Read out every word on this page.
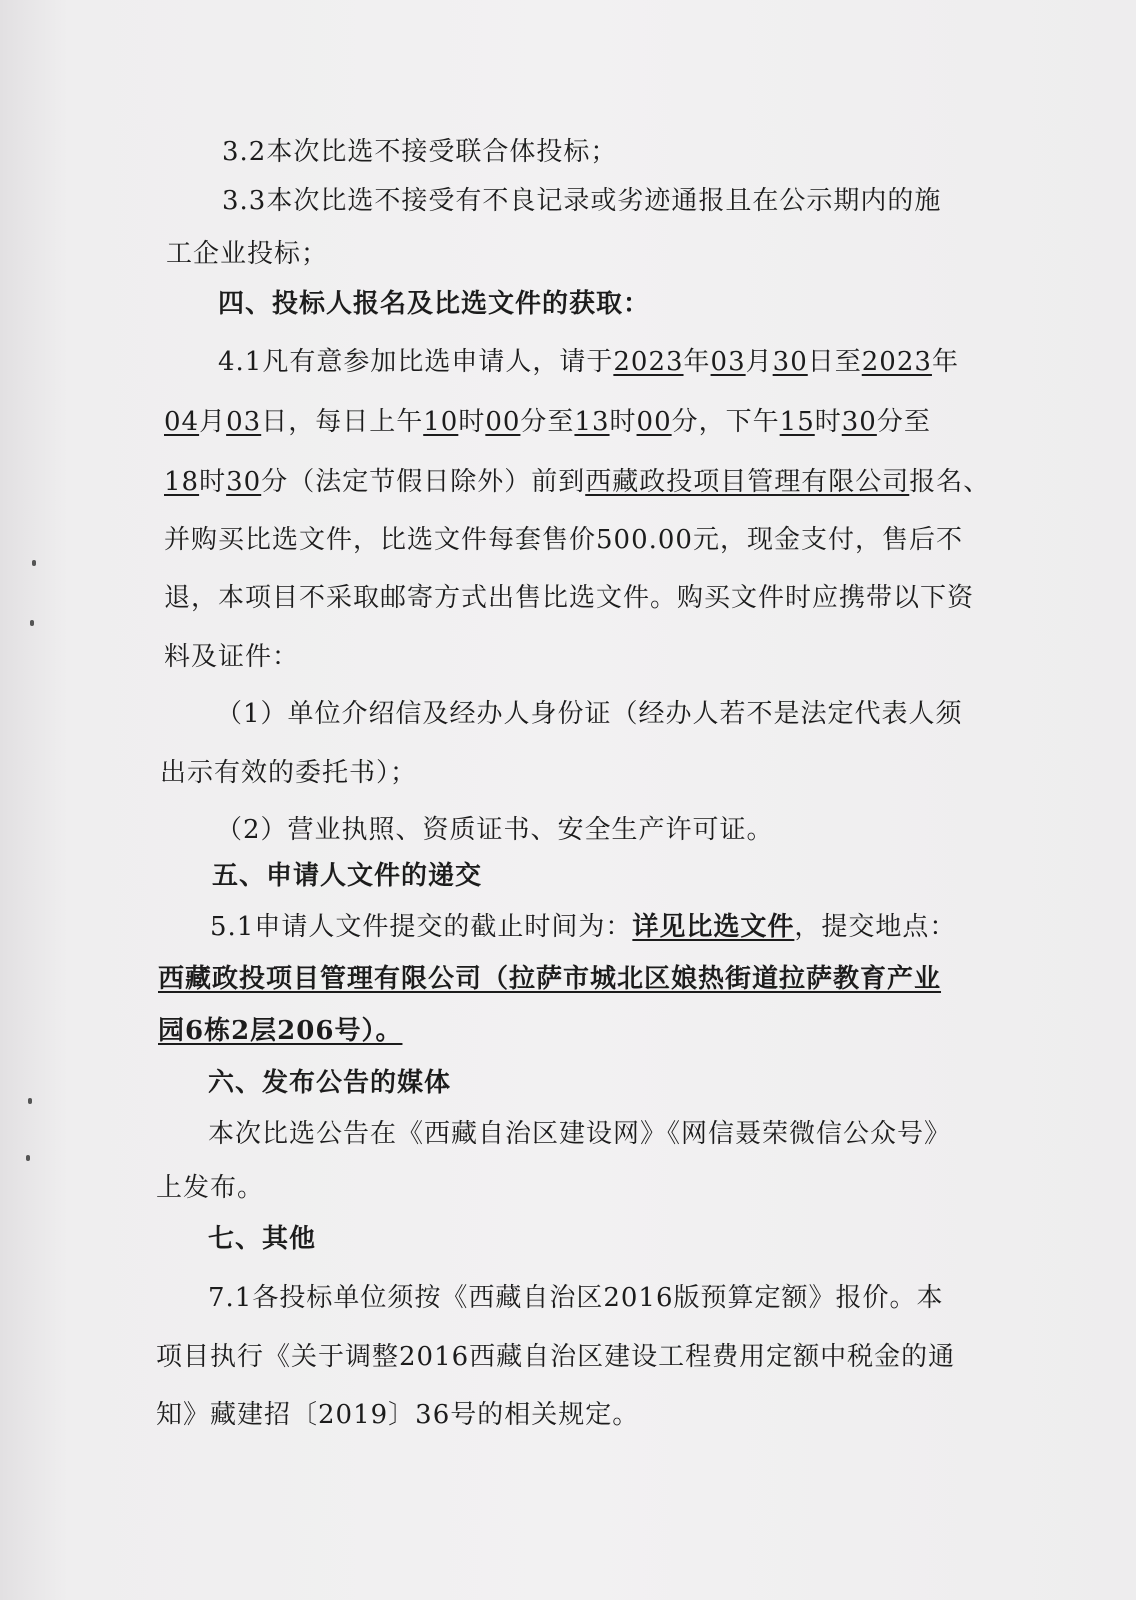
3.2本次比选不接受联合体投标；
3.3本次比选不接受有不良记录或劣迹通报且在公示期内的施
工企业投标；
四、投标人报名及比选文件的获取：
4.1凡有意参加比选申请人，请于2023年03月30日至2023年
04月03日，每日上午10时00分至13时00分，下午15时30分至
18时30分（法定节假日除外）前到西藏政投项目管理有限公司报名、
并购买比选文件，比选文件每套售价500.00元，现金支付，售后不
退，本项目不采取邮寄方式出售比选文件。购买文件时应携带以下资
料及证件：
（1）单位介绍信及经办人身份证（经办人若不是法定代表人须
出示有效的委托书）；
（2）营业执照、资质证书、安全生产许可证。
五、申请人文件的递交
5.1申请人文件提交的截止时间为：详见比选文件，提交地点：
西藏政投项目管理有限公司（拉萨市城北区娘热街道拉萨教育产业
园6栋2层206号）。
六、发布公告的媒体
本次比选公告在《西藏自治区建设网》《网信聂荣微信公众号》
上发布。
七、其他
7.1各投标单位须按《西藏自治区2016版预算定额》报价。本
项目执行《关于调整2016西藏自治区建设工程费用定额中税金的通
知》藏建招〔2019〕36号的相关规定。
